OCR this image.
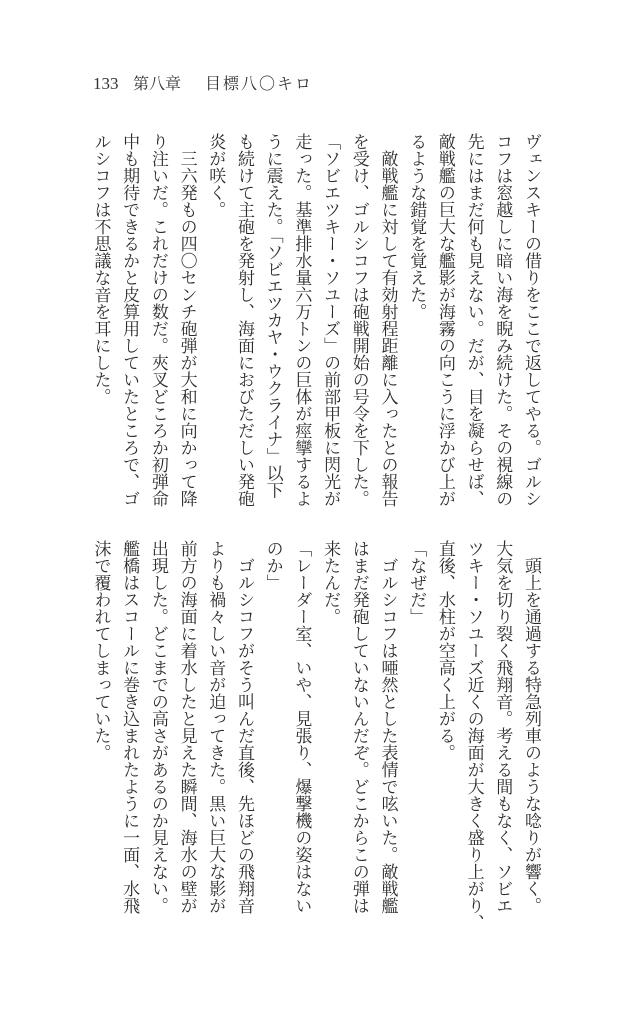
133 第八章 目標八〇キロ
ヴェンスキーの借りをここで返してやる。ゴルシ
コフは窓越しに暗い海を睨み続けた。その視線の
先にはまだ何も見えない。だが、目を凝らせば、
敵戦艦の巨大な艦影が海霧の向こうに浮かび上が
るような錯覚を覚えた。
　敵戦艦に対して有効射程距離に入ったとの報告
を受け、ゴルシコフは砲戦開始の号令を下した。
「ソビエツキー・ソユーズ」の前部甲板に閃光が
走った。基準排水量六万トンの巨体が痙攣するよ
うに震えた。「ソビエツカヤ・ウクライナ」以下
も続けて主砲を発射し、海面におびただしい発砲
炎が咲く。
　三六発もの四〇センチ砲弾が大和に向かって降
り注いだ。これだけの数だ。夾叉どころか初弾命
中も期待できるかと皮算用していたところで、ゴ
ルシコフは不思議な音を耳にした。
　頭上を通過する特急列車のような唸りが響く。
大気を切り裂く飛翔音。考える間もなく、ソビエ
ツキー・ソユーズ近くの海面が大きく盛り上がり、
直後、水柱が空高く上がる。
「なぜだ」
　ゴルシコフは唖然とした表情で呟いた。敵戦艦
はまだ発砲していないんだぞ。どこからこの弾は
来たんだ。
「レーダー室、いや、見張り、爆撃機の姿はない
のか」
　ゴルシコフがそう叫んだ直後、先ほどの飛翔音
よりも禍々しい音が迫ってきた。黒い巨大な影が
前方の海面に着水したと見えた瞬間、海水の壁が
出現した。どこまでの高さがあるのか見えない。
艦橋はスコールに巻き込まれたように一面、水飛
沫で覆われてしまっていた。
